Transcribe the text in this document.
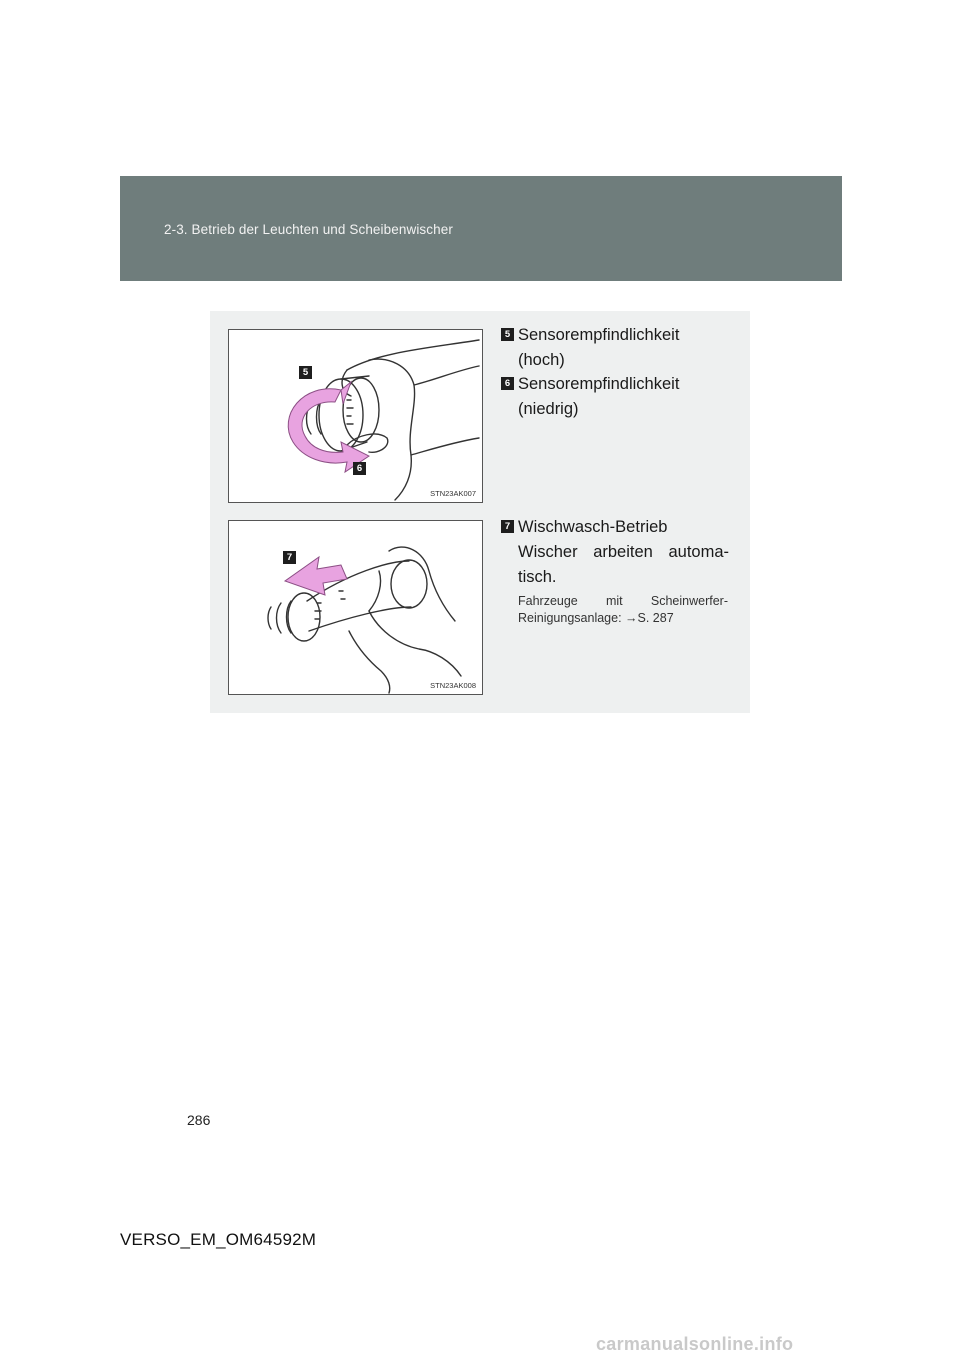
2-3. Betrieb der Leuchten und Scheibenwischer
5
6
STN23AK007
7
STN23AK008
5 Sensorempfindlichkeit
(hoch)
6 Sensorempfindlichkeit
(niedrig)
7 Wischwasch-Betrieb
Wischer arbeiten automa-
tisch.
Fahrzeuge mit Scheinwerfer-
Reinigungsanlage: →S. 287
286
VERSO_EM_OM64592M
carmanualsonline.info
